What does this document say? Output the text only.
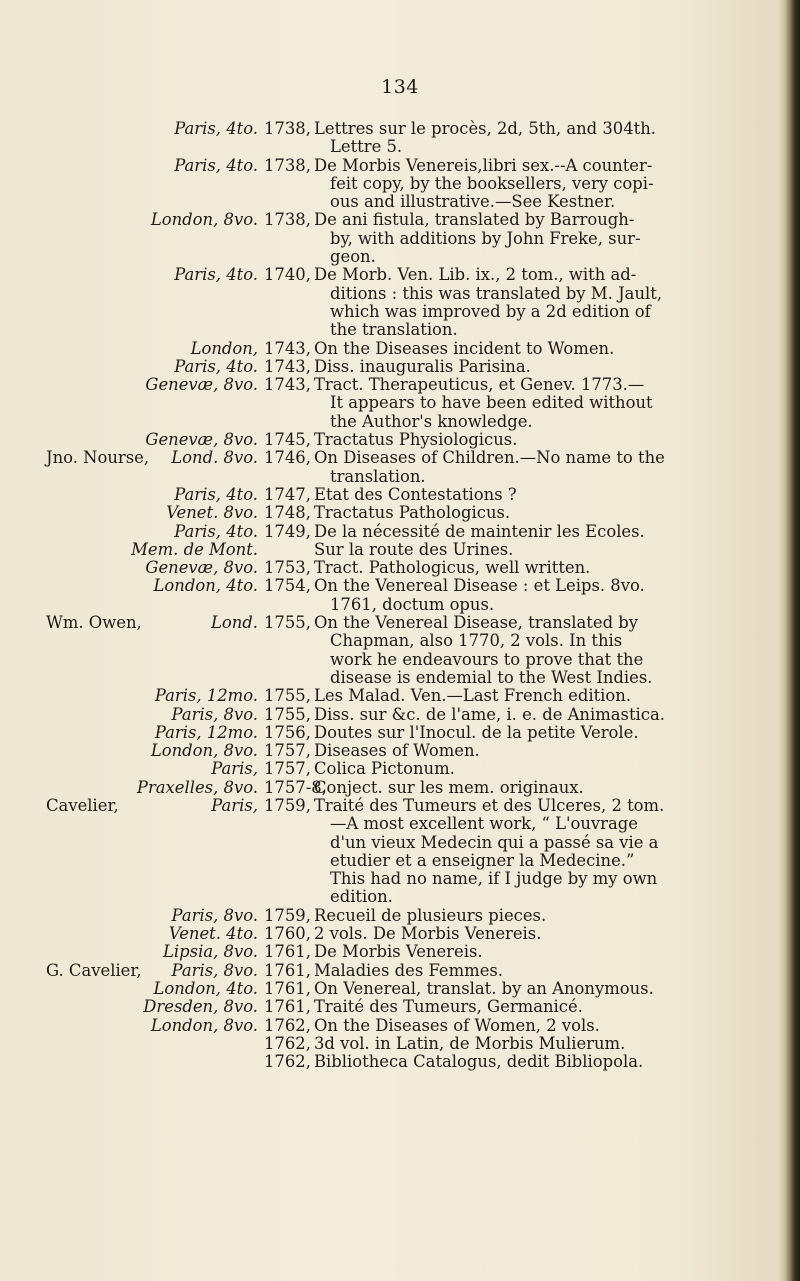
134
Paris, 4to. 1738, Lettres sur le procès, 2d, 5th, and 304th.
Lettre 5.
Paris, 4to. 1738, De Morbis Venereis,libri sex.--A counter-
feit copy, by the booksellers, very copi-
ous and illustrative.—See Kestner.
London, 8vo. 1738, De ani fistula, translated by Barrough-
by, with additions by John Freke, sur-
geon.
Paris, 4to. 1740, De Morb. Ven. Lib. ix., 2 tom., with ad-
ditions : this was translated by M. Jault,
which was improved by a 2d edition of
the translation.
London, 1743, On the Diseases incident to Women.
Paris, 4to. 1743, Diss. inauguralis Parisina.
Genevæ, 8vo. 1743, Tract. Therapeuticus, et Genev. 1773.—
It appears to have been edited without
the Author's knowledge.
Genevæ, 8vo. 1745, Tractatus Physiologicus.
Jno. Nourse, Lond. 8vo. 1746, On Diseases of Children.—No name to the
translation.
Paris, 4to. 1747, Etat des Contestations ?
Venet. 8vo. 1748, Tractatus Pathologicus.
Paris, 4to. 1749, De la nécessité de maintenir les Ecoles.
Mem. de Mont.	Sur la route des Urines.
Genevæ, 8vo. 1753, Tract. Pathologicus, well written.
London, 4to. 1754, On the Venereal Disease : et Leips. 8vo.
1761, doctum opus.
Wm. Owen,	Lond. 1755, On the Venereal Disease, translated by
Chapman, also 1770, 2 vols. In this
work he endeavours to prove that the
disease is endemial to the West Indies.
Paris, 12mo. 1755, Les Malad. Ven.—Last French edition.
Paris, 8vo. 1755, Diss. sur &c. de l'ame, i. e. de Animastica.
Paris, 12mo. 1756, Doutes sur l'Inocul. de la petite Verole.
London, 8vo. 1757, Diseases of Women.
Paris, 1757, Colica Pictonum.
Praxelles, 8vo. 1757-8,
Conject. sur les mem. originaux.
Cavelier,	Paris, 1759, Traité des Tumeurs et des Ulceres, 2 tom.
—A most excellent work, “ L'ouvrage
d'un vieux Medecin qui a passé sa vie a
etudier et a enseigner la Medecine.”
This had no name, if I judge by my own
edition.
Paris, 8vo. 1759, Recueil de plusieurs pieces.
Venet. 4to. 1760, 2 vols. De Morbis Venereis.
Lipsia, 8vo. 1761, De Morbis Venereis.
G. Cavelier, Paris, 8vo. 1761, Maladies des Femmes.
London, 4to. 1761, On Venereal, translat. by an Anonymous.
Dresden, 8vo. 1761, Traité des Tumeurs, Germanicé.
London, 8vo. 1762, On the Diseases of Women, 2 vols.
1762, 3d vol. in Latin, de Morbis Mulierum.
1762, Bibliotheca Catalogus, dedit Bibliopola.
